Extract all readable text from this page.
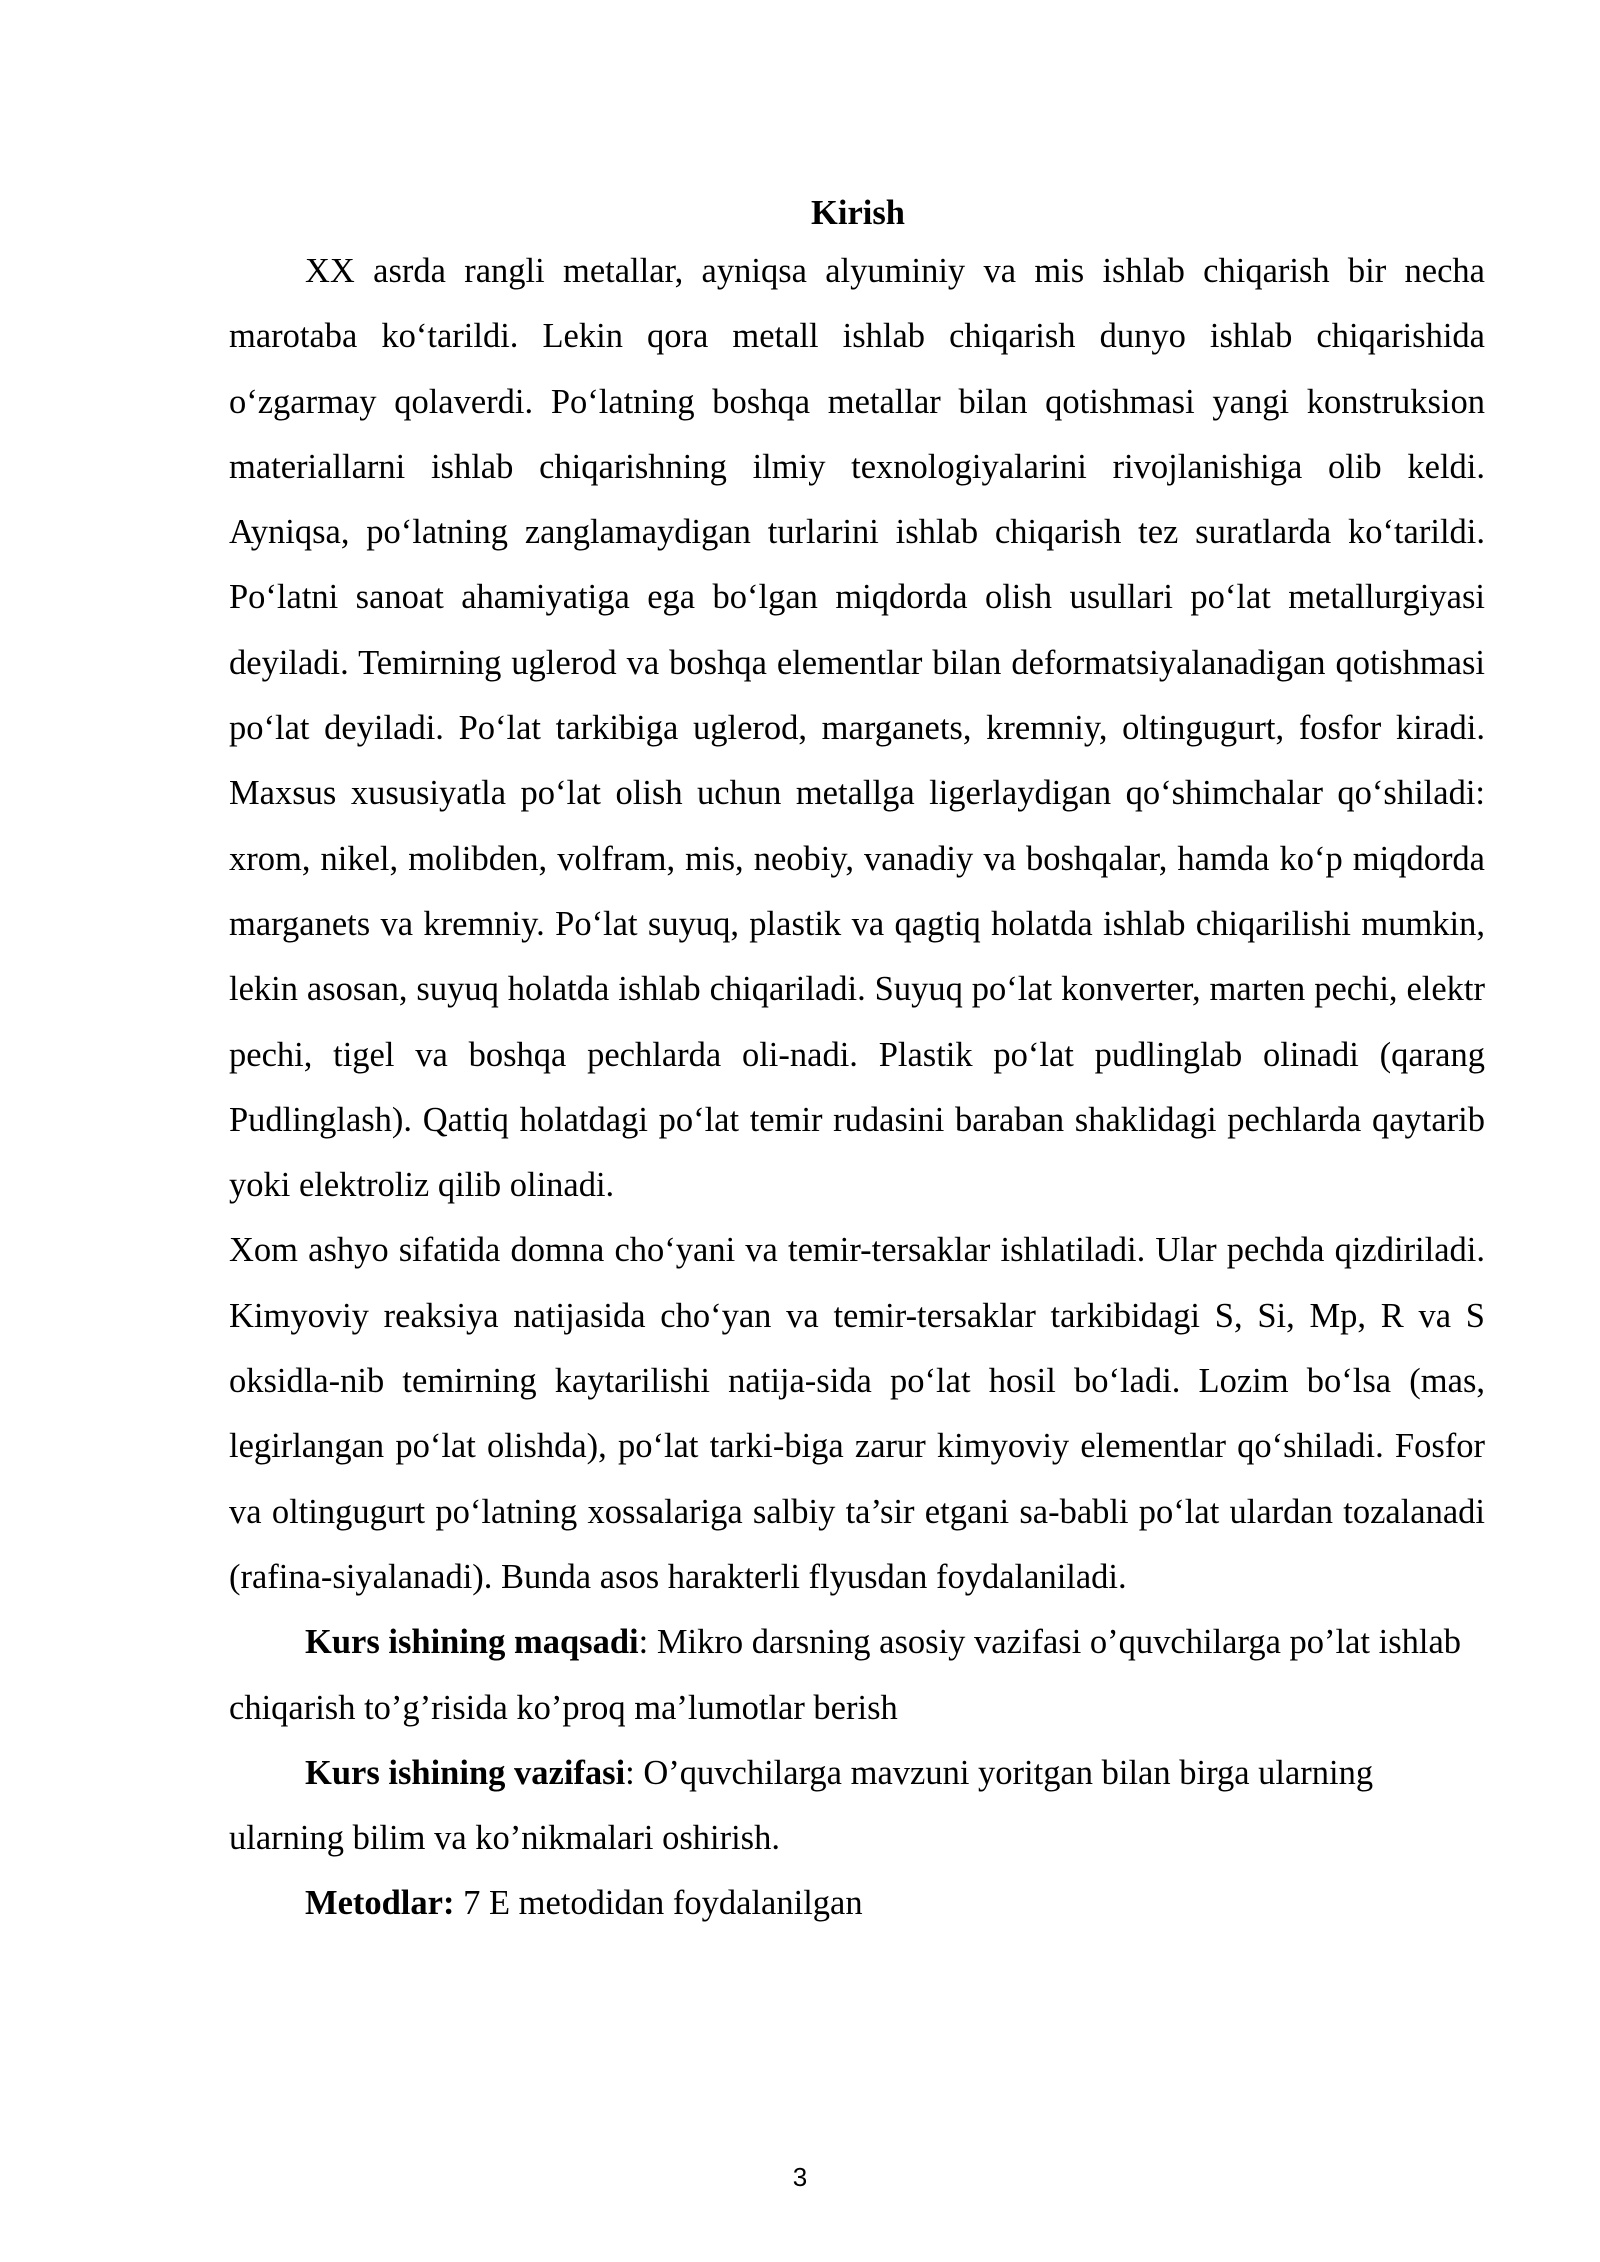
Kirish

XX asrda rangli metallar, ayniqsa alyuminiy va mis ishlab chiqarish bir necha marotaba ko‘tarildi. Lekin qora metall ishlab chiqarish dunyo ishlab chiqarishida o‘zgarmay qolaverdi. Po‘latning boshqa metallar bilan qotishmasi yangi konstruksion materiallarni ishlab chiqarishning ilmiy texnologiyalarini rivojlanishiga olib keldi. Ayniqsa, po‘latning zanglamaydigan turlarini ishlab chiqarish tez suratlarda ko‘tarildi. Po‘latni sanoat ahamiyatiga ega bo‘lgan miqdorda olish usullari po‘lat metallurgiyasi deyiladi. Temirning uglerod va boshqa elementlar bilan deformatsiyalanadigan qotishmasi po‘lat deyiladi. Po‘lat tarkibiga uglerod, marganets, kremniy, oltingugurt, fosfor kiradi. Maxsus xususiyatla po‘lat olish uchun metallga ligerlaydigan qo‘shimchalar qo‘shiladi: xrom, nikel, molibden, volfram, mis, neobiy, vanadiy va boshqalar, hamda ko‘p miqdorda marganets va kremniy. Po‘lat suyuq, plastik va qagtiq holatda ishlab chiqarilishi mumkin, lekin asosan, suyuq holatda ishlab chiqariladi. Suyuq po‘lat konverter, marten pechi, elektr pechi, tigel va boshqa pechlarda oli-nadi. Plastik po‘lat pudlinglab olinadi (qarang Pudlinglash). Qattiq holatdagi po‘lat temir rudasini baraban shaklidagi pechlarda qaytarib yoki elektroliz qilib olinadi.

Xom ashyo sifatida domna cho‘yani va temir-tersaklar ishlatiladi. Ular pechda qizdiriladi. Kimyoviy reaksiya natijasida cho‘yan va temir-tersaklar tarkibidagi S, Si, Mp, R va S oksidla-nib temirning kaytarilishi natija-sida po‘lat hosil bo‘ladi. Lozim bo‘lsa (mas, legirlangan po‘lat olishda), po‘lat tarki-biga zarur kimyoviy elementlar qo‘shiladi. Fosfor va oltingugurt po‘latning xossalariga salbiy ta’sir etgani sa-babli po‘lat ulardan tozalanadi (rafina-siyalanadi). Bunda asos harakterli flyusdan foydalaniladi.

Kurs ishining maqsadi: Mikro darsning asosiy vazifasi o’quvchilarga po’lat ishlab chiqarish to’g’risida ko’proq ma’lumotlar berish

Kurs ishining vazifasi: O’quvchilarga mavzuni yoritgan bilan birga ularning ularning bilim va ko’nikmalari oshirish.

Metodlar: 7 E metodidan foydalanilgan

3
